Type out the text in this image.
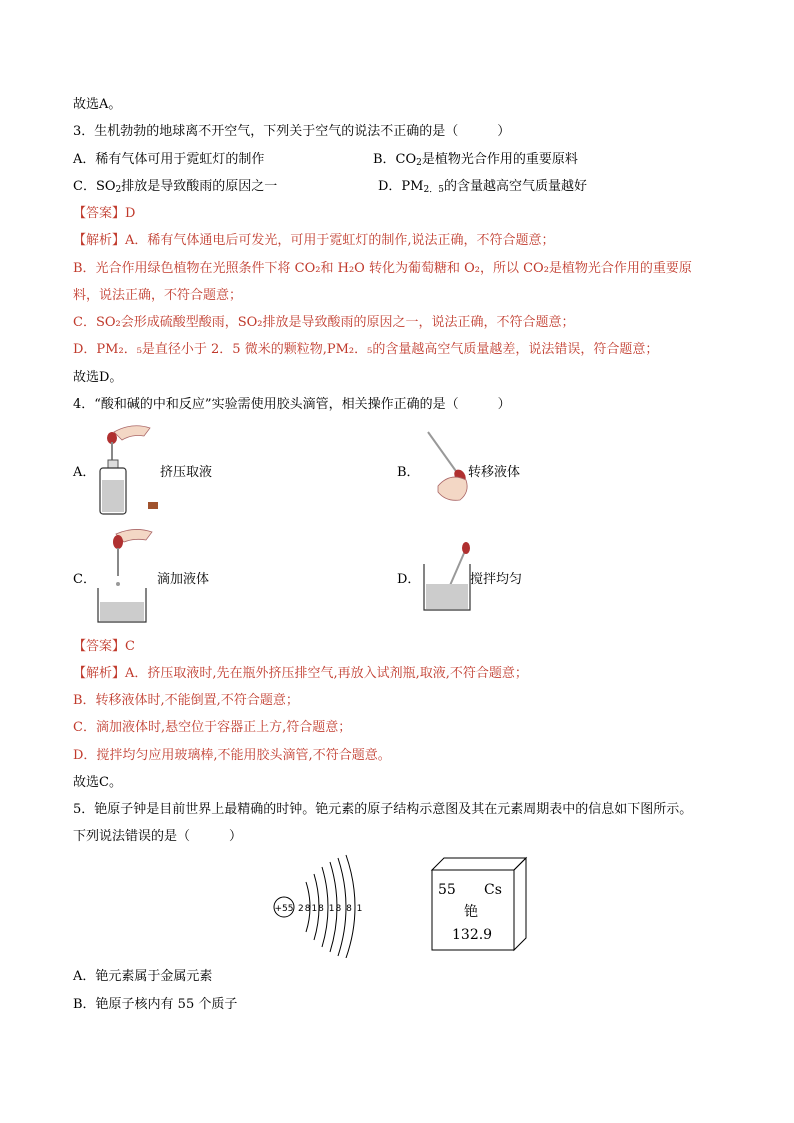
故选A。
3．生机勃勃的地球离不开空气，下列关于空气的说法不正确的是（　　　）
A．稀有气体可用于霓虹灯的制作	B．$CO_2$是植物光合作用的重要原料
C．$SO_2$排放是导致酸雨的原因之一	D．$PM_{2.5}$的含量越高空气质量越好
【答案】D
【解析】A．稀有气体通电后可发光，可用于霓虹灯的制作,说法正确，不符合题意；
B．光合作用绿色植物在光照条件下将 CO₂和 H₂O 转化为葡萄糖和 O₂，所以 CO₂是植物光合作用的重要原
料，说法正确，不符合题意；
C．SO₂会形成硫酸型酸雨，SO₂排放是导致酸雨的原因之一，说法正确，不符合题意；
D．PM₂．₅是直径小于 2．5 微米的颗粒物,PM₂．₅的含量越高空气质量越差，说法错误，符合题意；
故选D。
4．“酸和碱的中和反应”实验需使用胶头滴管，相关操作正确的是（　　　）
A．	挤压取液	B．	转移液体
C．	滴加液体	D．	搅拌均匀
【答案】C
【解析】A．挤压取液时,先在瓶外挤压排空气,再放入试剂瓶,取液,不符合题意；
B．转移液体时,不能倒置,不符合题意；
C．滴加液体时,悬空位于容器正上方,符合题意；
D．搅拌均匀应用玻璃棒,不能用胶头滴管,不符合题意。
故选C。
5．铯原子钟是目前世界上最精确的时钟。铯元素的原子结构示意图及其在元素周期表中的信息如下图所示。
下列说法错误的是（　　　）
+55 2818 18 8 1
55 Cs
铯
132.9
A．铯元素属于金属元素
B．铯原子核内有 55 个质子
